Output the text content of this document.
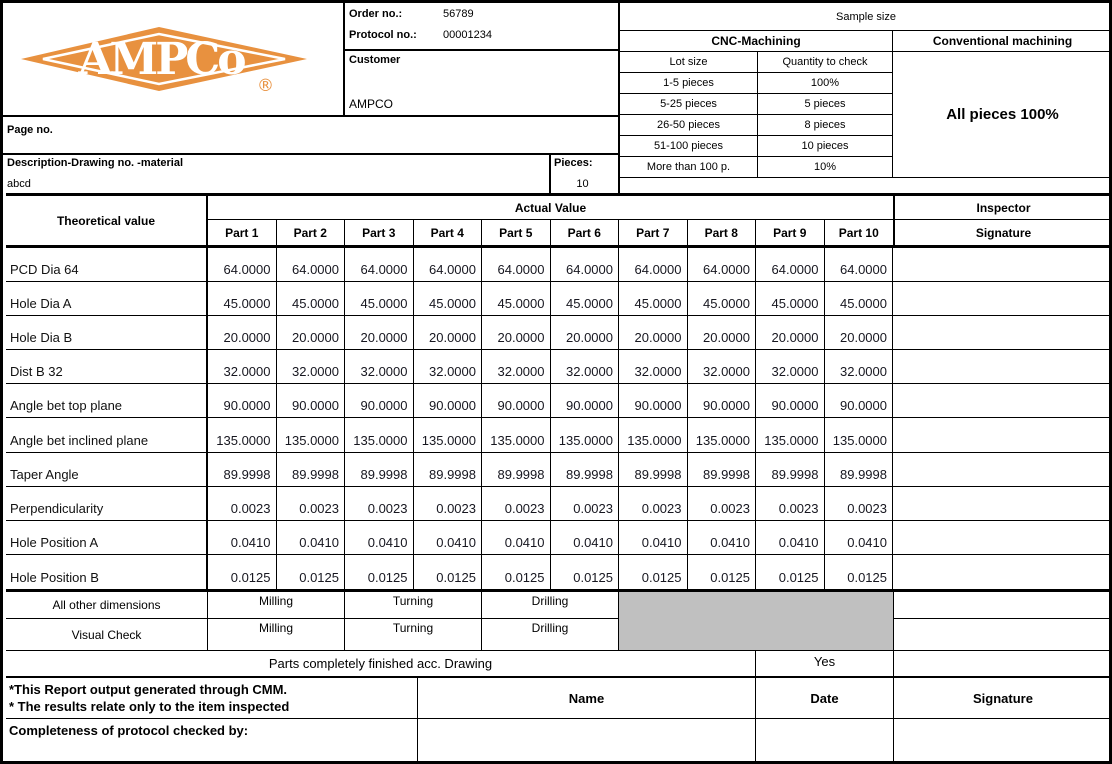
AMPCo
®
Order no.:	56789
Protocol no.:	00001234
Customer
AMPCO
Page no.
Description-Drawing no. -material
abcd
Pieces:
10
Sample size
CNC-Machining	Conventional machining
Lot size	Quantity to check
1-5 pieces	100%
5-25 pieces	5 pieces
26-50 pieces	8 pieces
51-100 pieces	10 pieces
More than 100 p.	10%
All pieces 100%
Theoretical value
Actual Value	Inspector
Part 1	Part 2	Part 3	Part 4	Part 5	Part 6	Part 7	Part 8	Part 9	Part 10	Signature
PCD Dia 64	64.0000	64.0000	64.0000	64.0000	64.0000	64.0000	64.0000	64.0000	64.0000	64.0000
Hole Dia A	45.0000	45.0000	45.0000	45.0000	45.0000	45.0000	45.0000	45.0000	45.0000	45.0000
Hole Dia B	20.0000	20.0000	20.0000	20.0000	20.0000	20.0000	20.0000	20.0000	20.0000	20.0000
Dist B 32	32.0000	32.0000	32.0000	32.0000	32.0000	32.0000	32.0000	32.0000	32.0000	32.0000
Angle bet top plane	90.0000	90.0000	90.0000	90.0000	90.0000	90.0000	90.0000	90.0000	90.0000	90.0000
Angle bet inclined plane	135.0000	135.0000	135.0000	135.0000	135.0000	135.0000	135.0000	135.0000	135.0000	135.0000
Taper Angle	89.9998	89.9998	89.9998	89.9998	89.9998	89.9998	89.9998	89.9998	89.9998	89.9998
Perpendicularity	0.0023	0.0023	0.0023	0.0023	0.0023	0.0023	0.0023	0.0023	0.0023	0.0023
Hole Position A	0.0410	0.0410	0.0410	0.0410	0.0410	0.0410	0.0410	0.0410	0.0410	0.0410
Hole Position B	0.0125	0.0125	0.0125	0.0125	0.0125	0.0125	0.0125	0.0125	0.0125	0.0125
All other dimensions	Milling	Turning	Drilling
Visual Check	Milling	Turning	Drilling
Parts completely finished acc. Drawing	Yes
*This Report output generated through CMM.
* The results relate only to the item inspected
Name	Date	Signature
Completeness of protocol checked by:
